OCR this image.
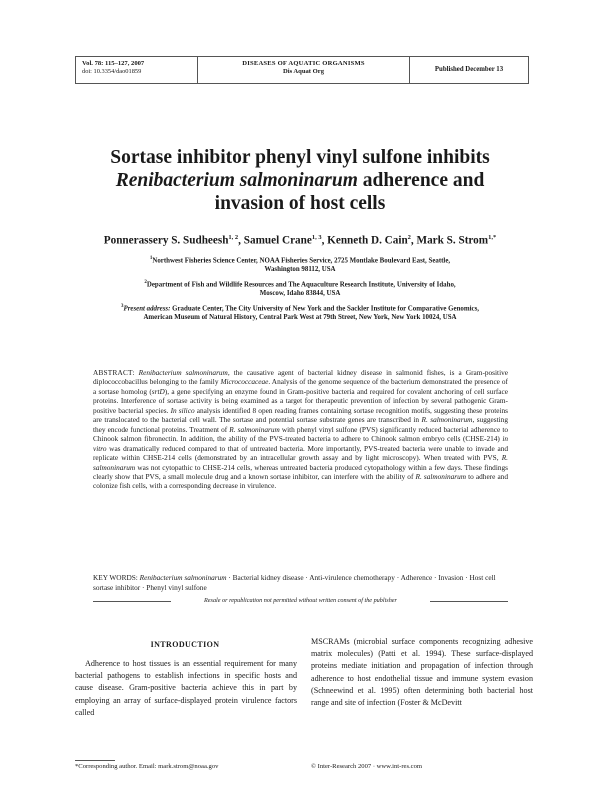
Vol. 78: 115–127, 2007
doi: 10.3354/dao01859
DISEASES OF AQUATIC ORGANISMS
Dis Aquat Org	Published December 13
Sortase inhibitor phenyl vinyl sulfone inhibits
Renibacterium salmoninarum adherence and
invasion of host cells
Ponnerassery S. Sudheesh$^{1, 2}$, Samuel Crane$^{1, 3}$, Kenneth D. Cain$^2$, Mark S. Strom$^{1,*}$
$^1$Northwest Fisheries Science Center, NOAA Fisheries Service, 2725 Montlake Boulevard East, Seattle,
Washington 98112, USA
$^2$Department of Fish and Wildlife Resources and The Aquaculture Research Institute, University of Idaho,
Moscow, Idaho 83844, USA
$^3$Present address: Graduate Center, The City University of New York and the Sackler Institute for Comparative Genomics,
American Museum of Natural History, Central Park West at 79th Street, New York, New York 10024, USA
ABSTRACT: Renibacterium salmoninarum, the causative agent of bacterial kidney disease in salmonid fishes, is a Gram-positive diplococcobacillus belonging to the family Micrococcaceae. Analysis of the genome sequence of the bacterium demonstrated the presence of a sortase homolog (srtD), a gene specifying an enzyme found in Gram-positive bacteria and required for covalent anchoring of cell surface proteins. Interference of sortase activity is being examined as a target for therapeutic prevention of infection by several pathogenic Gram-positive bacterial species. In silico analysis identified 8 open reading frames containing sortase recognition motifs, suggesting these proteins are translocated to the bacterial cell wall. The sortase and potential sortase substrate genes are transcribed in R. salmoninarum, suggesting they encode functional proteins. Treatment of R. salmoninarum with phenyl vinyl sulfone (PVS) significantly reduced bacterial adherence to Chinook salmon fibronectin. In addition, the ability of the PVS-treated bacteria to adhere to Chinook salmon embryo cells (CHSE-214) in vitro was dramatically reduced compared to that of untreated bacteria. More importantly, PVS-treated bacteria were unable to invade and replicate within CHSE-214 cells (demonstrated by an intracellular growth assay and by light microscopy). When treated with PVS, R. salmoninarum was not cytopathic to CHSE-214 cells, whereas untreated bacteria produced cytopathology within a few days. These findings clearly show that PVS, a small molecule drug and a known sortase inhibitor, can interfere with the ability of R. salmoninarum to adhere and colonize fish cells, with a corresponding decrease in virulence.
KEY WORDS: Renibacterium salmoninarum · Bacterial kidney disease · Anti-virulence chemotherapy · Adherence · Invasion · Host cell sortase inhibitor · Phenyl vinyl sulfone
Resale or republication not permitted without written consent of the publisher
INTRODUCTION
Adherence to host tissues is an essential requirement for many bacterial pathogens to establish infections in specific hosts and cause disease. Gram-positive bacteria achieve this in part by employing an array of surface-displayed protein virulence factors called
MSCRAMs (microbial surface components recognizing adhesive matrix molecules) (Patti et al. 1994). These surface-displayed proteins mediate initiation and propagation of infection through adherence to host endothelial tissue and immune system evasion (Schneewind et al. 1995) often determining both bacterial host range and site of infection (Foster & McDevitt
*Corresponding author. Email: mark.strom@noaa.gov	© Inter-Research 2007 · www.int-res.com
